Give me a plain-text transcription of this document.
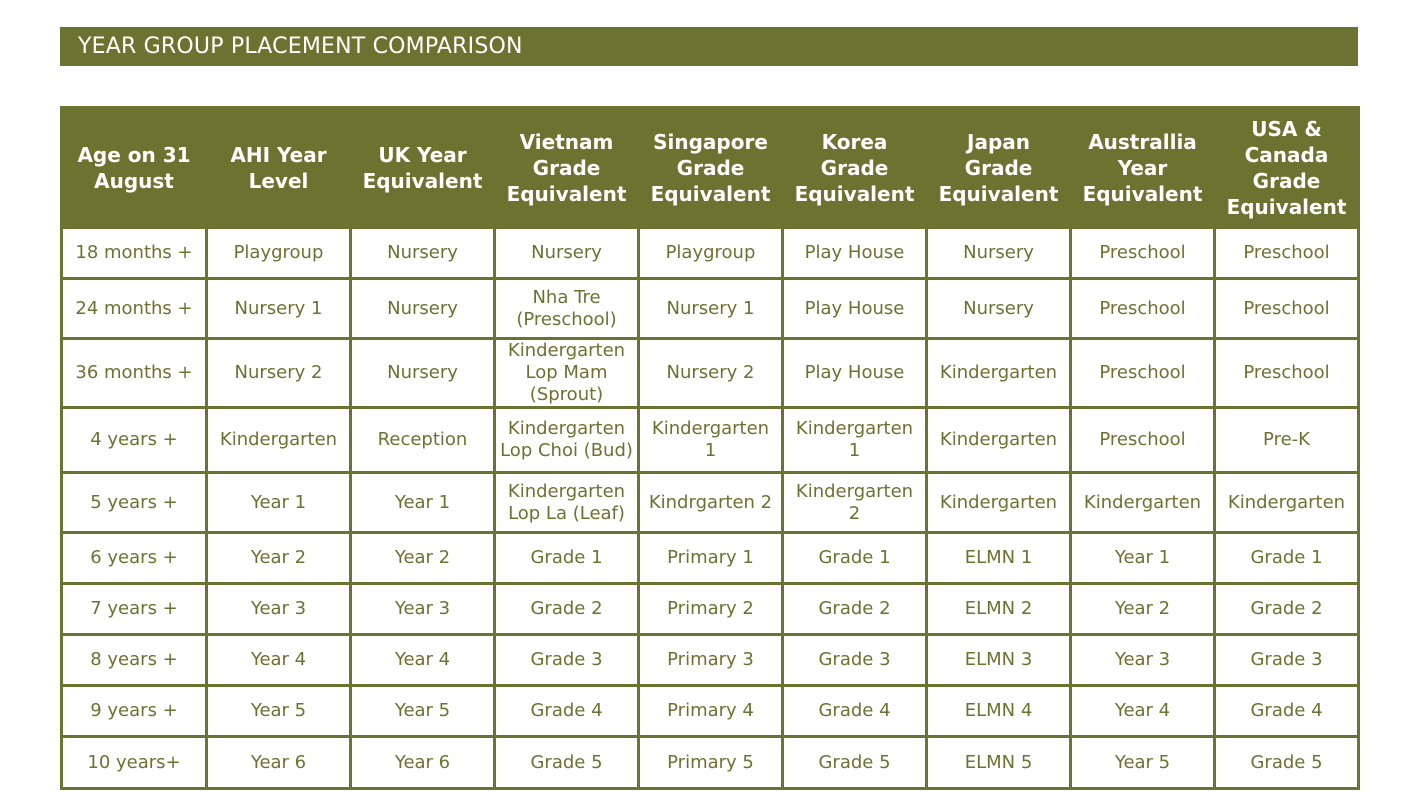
YEAR GROUP PLACEMENT COMPARISON
Age on 31 August	AHI Year Level	UK Year Equivalent	Vietnam Grade Equivalent	Singapore Grade Equivalent	Korea Grade Equivalent	Japan Grade Equivalent	Australlia Year Equivalent	USA & Canada Grade Equivalent
18 months +	Playgroup	Nursery	Nursery	Playgroup	Play House	Nursery	Preschool	Preschool
24 months +	Nursery 1	Nursery	Nha Tre (Preschool)	Nursery 1	Play House	Nursery	Preschool	Preschool
36 months +	Nursery 2	Nursery	Kindergarten Lop Mam (Sprout)	Nursery 2	Play House	Kindergarten	Preschool	Preschool
4 years +	Kindergarten	Reception	Kindergarten Lop Choi (Bud)	Kindergarten 1	Kindergarten 1	Kindergarten	Preschool	Pre-K
5 years +	Year 1	Year 1	Kindergarten Lop La (Leaf)	Kindrgarten 2	Kindergarten 2	Kindergarten	Kindergarten	Kindergarten
6 years +	Year 2	Year 2	Grade 1	Primary 1	Grade 1	ELMN 1	Year 1	Grade 1
7 years +	Year 3	Year 3	Grade 2	Primary 2	Grade 2	ELMN 2	Year 2	Grade 2
8 years +	Year 4	Year 4	Grade 3	Primary 3	Grade 3	ELMN 3	Year 3	Grade 3
9 years +	Year 5	Year 5	Grade 4	Primary 4	Grade 4	ELMN 4	Year 4	Grade 4
10 years+	Year 6	Year 6	Grade 5	Primary 5	Grade 5	ELMN 5	Year 5	Grade 5
